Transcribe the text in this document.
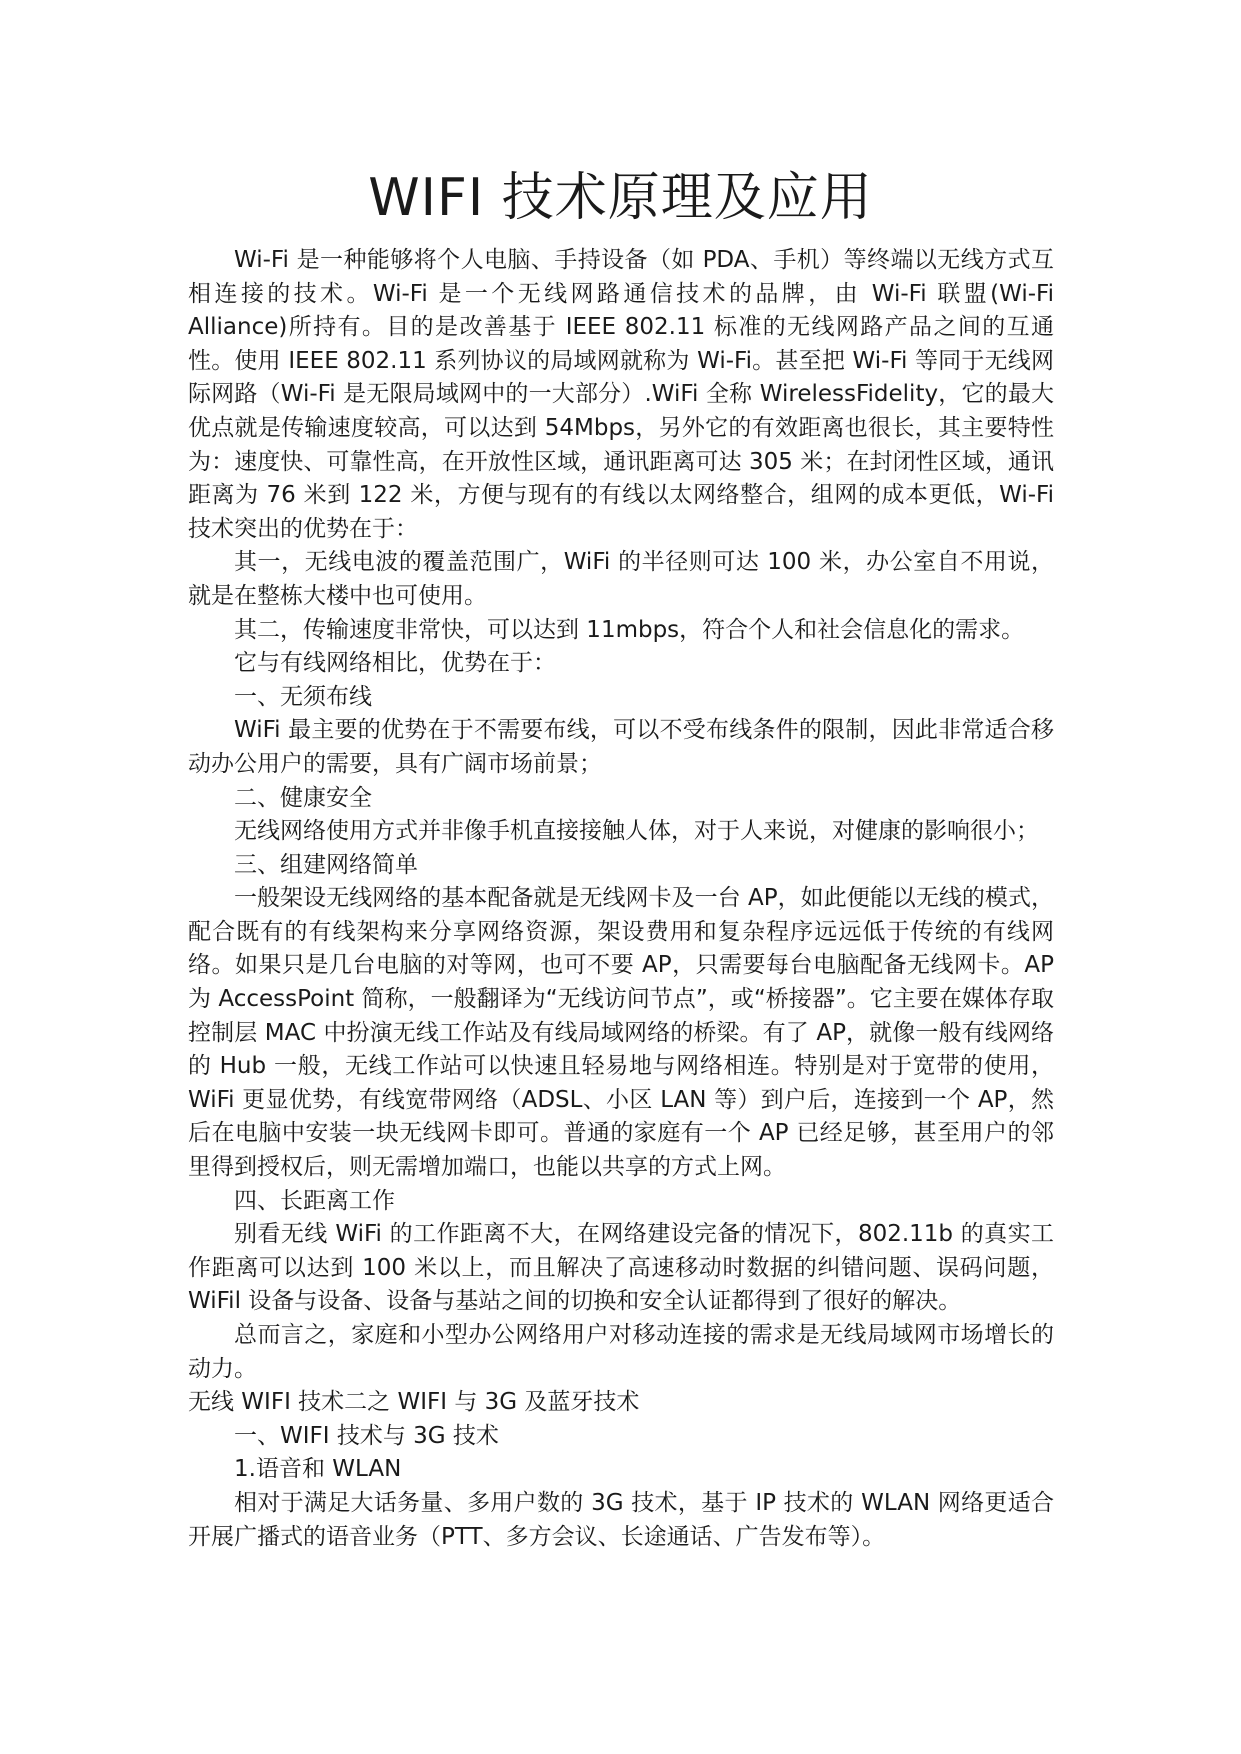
WIFI 技术原理及应用

Wi-Fi 是一种能够将个人电脑、手持设备（如 PDA、手机）等终端以无线方式互相连接的技术。Wi-Fi 是一个无线网路通信技术的品牌，由 Wi-Fi 联盟(Wi-Fi Alliance)所持有。目的是改善基于 IEEE 802.11 标准的无线网路产品之间的互通性。使用 IEEE 802.11 系列协议的局域网就称为 Wi-Fi。甚至把 Wi-Fi 等同于无线网际网路（Wi-Fi 是无限局域网中的一大部分）.WiFi 全称 WirelessFidelity，它的最大优点就是传输速度较高，可以达到 54Mbps，另外它的有效距离也很长，其主要特性为：速度快、可靠性高，在开放性区域，通讯距离可达 305 米；在封闭性区域，通讯距离为 76 米到 122 米，方便与现有的有线以太网络整合，组网的成本更低，Wi-Fi 技术突出的优势在于：

其一，无线电波的覆盖范围广，WiFi 的半径则可达 100 米，办公室自不用说，就是在整栋大楼中也可使用。

其二，传输速度非常快，可以达到 11mbps，符合个人和社会信息化的需求。

它与有线网络相比，优势在于：

一、无须布线

WiFi 最主要的优势在于不需要布线，可以不受布线条件的限制，因此非常适合移动办公用户的需要，具有广阔市场前景；

二、健康安全

无线网络使用方式并非像手机直接接触人体，对于人来说，对健康的影响很小；

三、组建网络简单

一般架设无线网络的基本配备就是无线网卡及一台 AP，如此便能以无线的模式，配合既有的有线架构来分享网络资源，架设费用和复杂程序远远低于传统的有线网络。如果只是几台电脑的对等网，也可不要 AP，只需要每台电脑配备无线网卡。AP 为 AccessPoint 简称，一般翻译为“无线访问节点”，或“桥接器”。它主要在媒体存取控制层 MAC 中扮演无线工作站及有线局域网络的桥梁。有了 AP，就像一般有线网络的 Hub 一般，无线工作站可以快速且轻易地与网络相连。特别是对于宽带的使用，WiFi 更显优势，有线宽带网络（ADSL、小区 LAN 等）到户后，连接到一个 AP，然后在电脑中安装一块无线网卡即可。普通的家庭有一个 AP 已经足够，甚至用户的邻里得到授权后，则无需增加端口，也能以共享的方式上网。

四、长距离工作

别看无线 WiFi 的工作距离不大，在网络建设完备的情况下，802.11b 的真实工作距离可以达到 100 米以上，而且解决了高速移动时数据的纠错问题、误码问题，WiFil 设备与设备、设备与基站之间的切换和安全认证都得到了很好的解决。

总而言之，家庭和小型办公网络用户对移动连接的需求是无线局域网市场增长的动力。

无线 WIFI 技术二之 WIFI 与 3G 及蓝牙技术

一、WIFI 技术与 3G 技术

1.语音和 WLAN

相对于满足大话务量、多用户数的 3G 技术，基于 IP 技术的 WLAN 网络更适合开展广播式的语音业务（PTT、多方会议、长途通话、广告发布等）。
